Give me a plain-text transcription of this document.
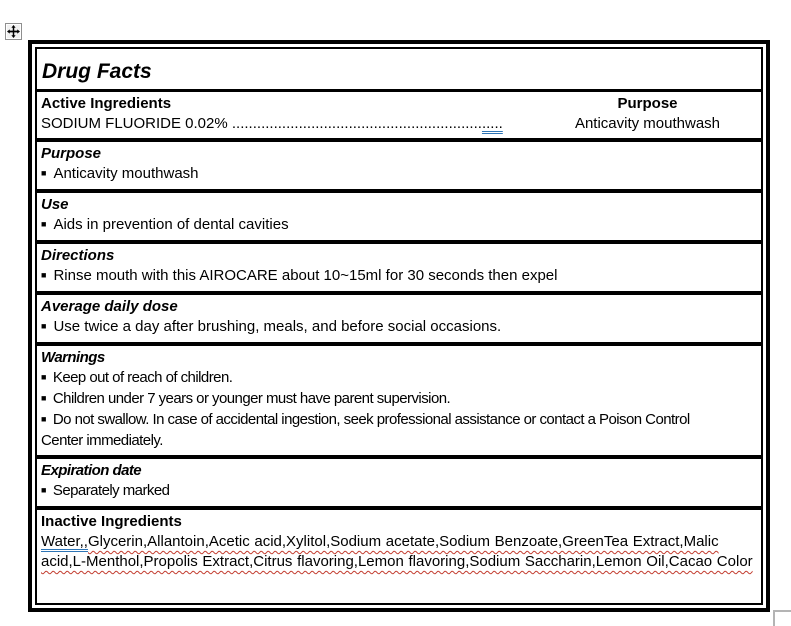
Drug Facts
Active Ingredients
SODIUM FLUORIDE 0.02% .................................................................
Purpose
Anticavity mouthwash
Purpose
■ Anticavity mouthwash
Use
■ Aids in prevention of dental cavities
Directions
■ Rinse mouth with this AIROCARE about 10~15ml for 30 seconds then expel
Average daily dose
■ Use twice a day after brushing, meals, and before social occasions.
Warnings
■ Keep out of reach of children.
■ Children under 7 years or younger must have parent supervision.
■ Do not swallow. In case of accidental ingestion, seek professional assistance or contact a Poison Control Center immediately.
Expiration date
■ Separately marked
Inactive Ingredients
Water,,Glycerin,Allantoin,Acetic acid,Xylitol,Sodium acetate,Sodium Benzoate,GreenTea Extract,Malic acid,L-Menthol,Propolis Extract,Citrus flavoring,Lemon flavoring,Sodium Saccharin,Lemon Oil,Cacao Color
